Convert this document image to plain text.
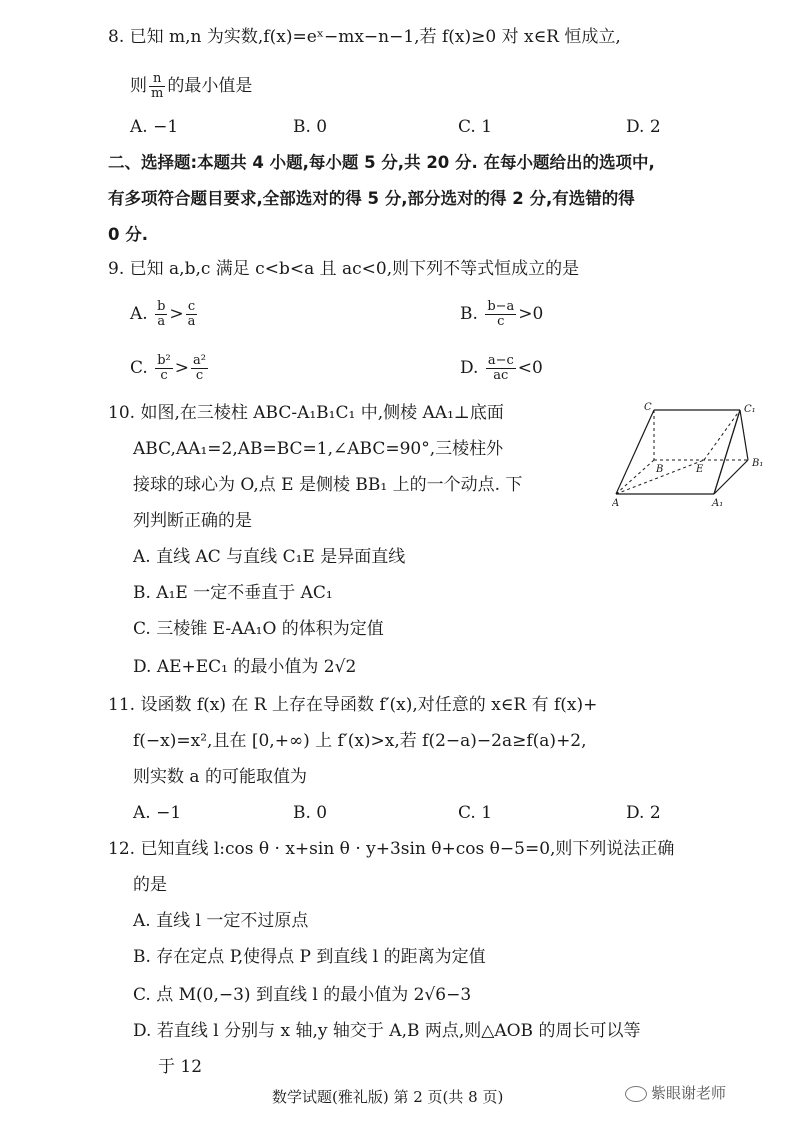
8. 已知 m,n 为实数,f(x)=eˣ−mx−n−1,若 f(x)≥0 对 x∈R 恒成立,
则 $\frac{n}{m}$ 的最小值是
A. −1	B. 0	C. 1	D. 2
二、选择题:本题共 4 小题,每小题 5 分,共 20 分. 在每小题给出的选项中,
有多项符合题目要求,全部选对的得 5 分,部分选对的得 2 分,有选错的得
0 分.
9. 已知 a,b,c 满足 c<b<a 且 ac<0,则下列不等式恒成立的是
A. $\frac{b}{a} > \frac{c}{a}$	B. $\frac{b-a}{c} >0$
C. $\frac{\text{b²}}{c} > \frac{\text{a²}}{c}$	D. $\frac{a-c}{ac} <0$
10. 如图,在三棱柱 ABC-A₁B₁C₁ 中,侧棱 AA₁⊥底面
ABC,AA₁=2,AB=BC=1,∠ABC=90°,三棱柱外
接球的球心为 O,点 E 是侧棱 BB₁ 上的一个动点. 下
列判断正确的是
A. 直线 AC 与直线 C₁E 是异面直线
B. A₁E 一定不垂直于 AC₁
C. 三棱锥 E-AA₁O 的体积为定值
D. AE+EC₁ 的最小值为 2√2
C	C₁
B	E
B₁
A	A₁
11. 设函数 f(x) 在 R 上存在导函数 f′(x),对任意的 x∈R 有 f(x)+
f(−x)=x²,且在 [0,+∞) 上 f′(x)>x,若 f(2−a)−2a≥f(a)+2,
则实数 a 的可能取值为
A. −1	B. 0	C. 1	D. 2
12. 已知直线 l:cos θ · x+sin θ · y+3sin θ+cos θ−5=0,则下列说法正确
的是
A. 直线 l 一定不过原点
B. 存在定点 P,使得点 P 到直线 l 的距离为定值
C. 点 M(0,−3) 到直线 l 的最小值为 2√6−3
D. 若直线 l 分别与 x 轴,y 轴交于 A,B 两点,则△AOB 的周长可以等
于 12
数学试题(雅礼版) 第 2 页(共 8 页)	紫眼谢老师
